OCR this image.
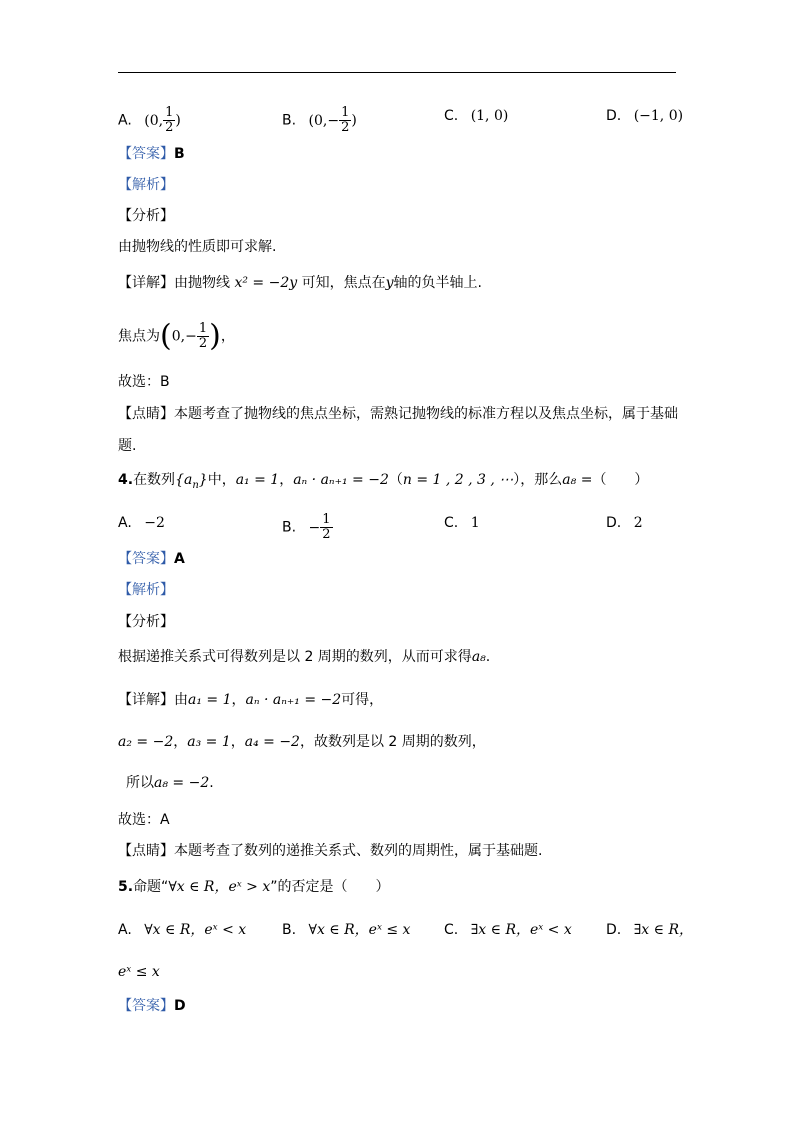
A. (0, $\frac{1}{2}$ )	B. ($0,- \frac{1}{2}$ )	C. (1, 0)	D. (−1, 0)
【答案】B
【解析】
【分析】
由抛物线的性质即可求解.
【详解】由抛物线 x² = −2y 可知，焦点在y轴的负半轴上.
焦点为($0,- \frac{1}{2}$ )，
故选：B
【点睛】本题考查了抛物线的焦点坐标，需熟记抛物线的标准方程以及焦点坐标，属于基础
题.
4.在数列$\{a_n\}$中，a₁ = 1，aₙ · aₙ₊₁ = −2（n = 1 , 2 , 3 , ⋯），那么a₈ =（　　）
A. −2	B. − $\frac{1}{2}$	C. 1	D. 2
【答案】A
【解析】
【分析】
根据递推关系式可得数列是以 2 周期的数列，从而可求得a₈.
【详解】由a₁ = 1，aₙ · aₙ₊₁ = −2可得，
a₂ = −2，a₃ = 1，a₄ = −2，故数列是以 2 周期的数列，
所以a₈ = −2.
故选：A
【点睛】本题考查了数列的递推关系式、数列的周期性，属于基础题.
5.命题“∀x ∈ R，eˣ > x”的否定是（　　）
A. ∀x ∈ R，eˣ < x	B. ∀x ∈ R，eˣ ≤ x C. ∃x ∈ R，eˣ < x D. ∃x ∈ R，
eˣ ≤ x
【答案】D
